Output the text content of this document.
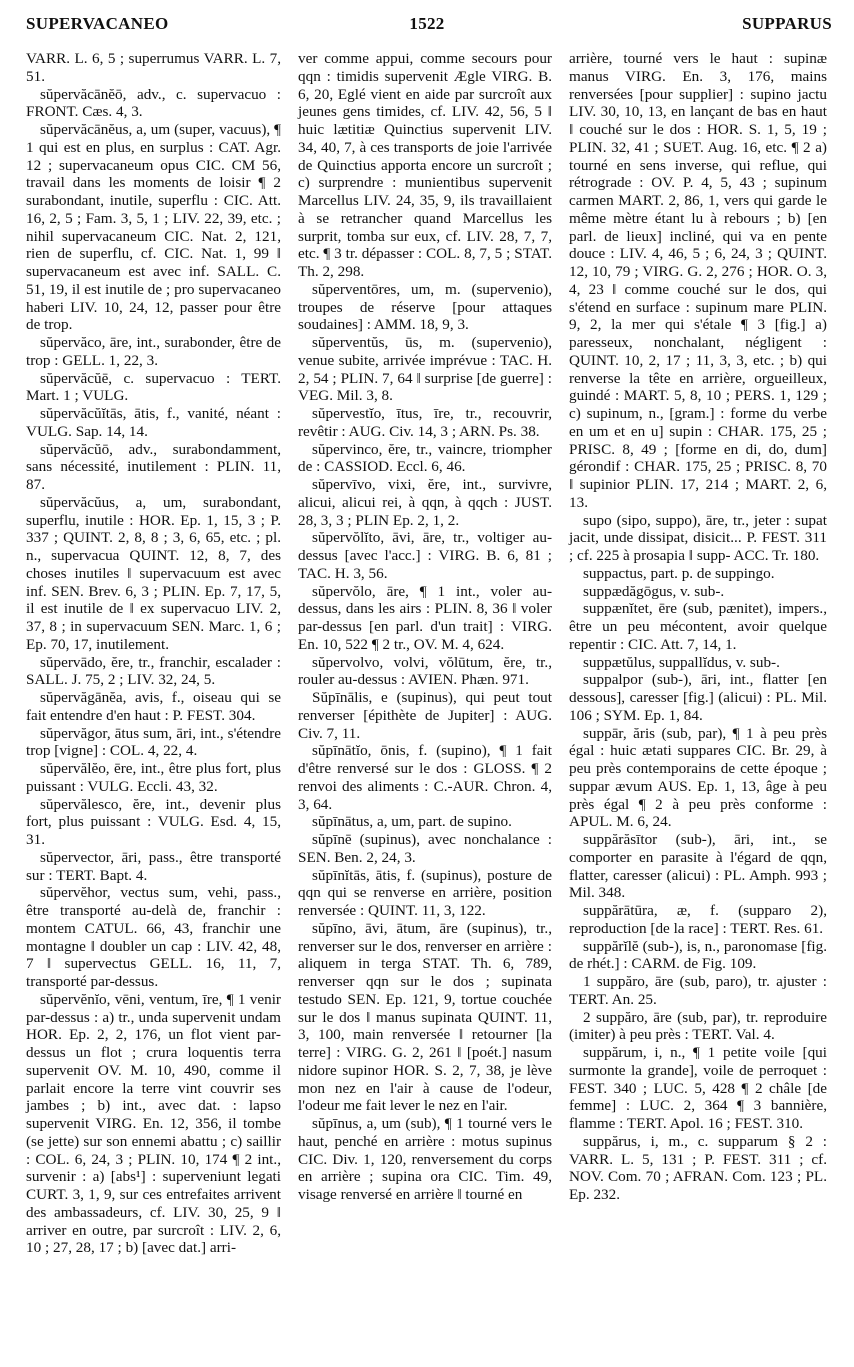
SUPERVACANEO	1522	SUPPARUS

VARR. L. 6, 5 ; superrumus VARR. L. 7, 51.

sŭpervăcānĕō, adv., c. supervacuo : FRONT. Cæs. 4, 3.

sŭpervăcānĕus, a, um (super, vacuus), ¶ 1 qui est en plus, en surplus : CAT. Agr. 12 ; supervacaneum opus CIC. CM 56, travail dans les moments de loisir ¶ 2 surabondant, inutile, superflu : CIC. Att. 16, 2, 5 ; Fam. 3, 5, 1 ; LIV. 22, 39, etc. ; nihil supervacaneum CIC. Nat. 2, 121, rien de superflu, cf. CIC. Nat. 1, 99 ‖ supervacaneum est avec inf. SALL. C. 51, 19, il est inutile de ; pro supervacaneo haberi LIV. 10, 24, 12, passer pour être de trop.

sŭpervăco, āre, int., surabonder, être de trop : GELL. 1, 22, 3.

sŭpervăcŭē, c. supervacuo : TERT. Mart. 1 ; VULG.

sŭpervăcŭĭtās, ātis, f., vanité, néant : VULG. Sap. 14, 14.

sŭpervăcŭō, adv., surabondamment, sans nécessité, inutilement : PLIN. 11, 87.

sŭpervăcŭus, a, um, surabondant, superflu, inutile : HOR. Ep. 1, 15, 3 ; P. 337 ; QUINT. 2, 8, 8 ; 3, 6, 65, etc. ; pl. n., supervacua QUINT. 12, 8, 7, des choses inutiles ‖ supervacuum est avec inf. SEN. Brev. 6, 3 ; PLIN. Ep. 7, 17, 5, il est inutile de ‖ ex supervacuo LIV. 2, 37, 8 ; in supervacuum SEN. Marc. 1, 6 ; Ep. 70, 17, inutilement.

sŭpervādo, ĕre, tr., franchir, escalader : SALL. J. 75, 2 ; LIV. 32, 24, 5.

sŭpervăgānĕa, avis, f., oiseau qui se fait entendre d'en haut : P. FEST. 304.

sŭpervăgor, ātus sum, āri, int., s'étendre trop [vigne] : COL. 4, 22, 4.

sŭpervălĕo, ēre, int., être plus fort, plus puissant : VULG. Eccli. 43, 32.

sŭpervălesco, ĕre, int., devenir plus fort, plus puissant : VULG. Esd. 4, 15, 31.

sŭpervector, āri, pass., être transporté sur : TERT. Bapt. 4.

sŭpervĕhor, vectus sum, vehi, pass., être transporté au-delà de, franchir : montem CATUL. 66, 43, franchir une montagne ‖ doubler un cap : LIV. 42, 48, 7 ‖ supervectus GELL. 16, 11, 7, transporté par-dessus.

sŭpervĕnĭo, vēni, ventum, īre, ¶ 1 venir par-dessus : a) tr., unda supervenit undam HOR. Ep. 2, 2, 176, un flot vient par-dessus un flot ; crura loquentis terra supervenit OV. M. 10, 490, comme il parlait encore la terre vint couvrir ses jambes ; b) int., avec dat. : lapso supervenit VIRG. En. 12, 356, il tombe (se jette) sur son ennemi abattu ; c) saillir : COL. 6, 24, 3 ; PLIN. 10, 174 ¶ 2 int., survenir : a) [abs¹] : superveniunt legati CURT. 3, 1, 9, sur ces entrefaites arrivent des ambassadeurs, cf. LIV. 30, 25, 9 ‖ arriver en outre, par surcroît : LIV. 2, 6, 10 ; 27, 28, 17 ; b) [avec dat.] arri-

ver comme appui, comme secours pour qqn : timidis supervenit Ægle VIRG. B. 6, 20, Eglé vient en aide par surcroît aux jeunes gens timides, cf. LIV. 42, 56, 5 ‖ huic lætitiæ Quinctius supervenit LIV. 34, 40, 7, à ces transports de joie l'arrivée de Quinctius apporta encore un surcroît ; c) surprendre : munientibus supervenit Marcellus LIV. 24, 35, 9, ils travaillaient à se retrancher quand Marcellus les surprit, tomba sur eux, cf. LIV. 28, 7, 7, etc. ¶ 3 tr. dépasser : COL. 8, 7, 5 ; STAT. Th. 2, 298.

sŭperventōres, um, m. (supervenio), troupes de réserve [pour attaques soudaines] : AMM. 18, 9, 3.

sŭperventŭs, ūs, m. (supervenio), venue subite, arrivée imprévue : TAC. H. 2, 54 ; PLIN. 7, 64 ‖ surprise [de guerre] : VEG. Mil. 3, 8.

sŭpervestĭo, ītus, īre, tr., recouvrir, revêtir : AUG. Civ. 14, 3 ; ARN. Ps. 38.

sŭpervinco, ĕre, tr., vaincre, triompher de : CASSIOD. Eccl. 6, 46.

sŭpervīvo, vixi, ĕre, int., survivre, alicui, alicui rei, à qqn, à qqch : JUST. 28, 3, 3 ; PLIN Ep. 2, 1, 2.

sŭpervŏlĭto, āvi, āre, tr., voltiger au-dessus [avec l'acc.] : VIRG. B. 6, 81 ; TAC. H. 3, 56.

sŭpervŏlo, āre, ¶ 1 int., voler au-dessus, dans les airs : PLIN. 8, 36 ‖ voler par-dessus [en parl. d'un trait] : VIRG. En. 10, 522 ¶ 2 tr., OV. M. 4, 624.

sŭpervolvo, volvi, vŏlūtum, ĕre, tr., rouler au-dessus : AVIEN. Phæn. 971.

Sŭpīnālis, e (supinus), qui peut tout renverser [épithète de Jupiter] : AUG. Civ. 7, 11.

sŭpīnātĭo, ōnis, f. (supino), ¶ 1 fait d'être renversé sur le dos : GLOSS. ¶ 2 renvoi des aliments : C.-AUR. Chron. 4, 3, 64.

sŭpīnātus, a, um, part. de supino.

sŭpīnē (supinus), avec nonchalance : SEN. Ben. 2, 24, 3.

sŭpīnĭtās, ātis, f. (supinus), posture de qqn qui se renverse en arrière, position renversée : QUINT. 11, 3, 122.

sŭpīno, āvi, ātum, āre (supinus), tr., renverser sur le dos, renverser en arrière : aliquem in terga STAT. Th. 6, 789, renverser qqn sur le dos ; supinata testudo SEN. Ep. 121, 9, tortue couchée sur le dos ‖ manus supinata QUINT. 11, 3, 100, main renversée ‖ retourner [la terre] : VIRG. G. 2, 261 ‖ [poét.] nasum nidore supinor HOR. S. 2, 7, 38, je lève mon nez en l'air à cause de l'odeur, l'odeur me fait lever le nez en l'air.

sŭpīnus, a, um (sub), ¶ 1 tourné vers le haut, penché en arrière : motus supinus CIC. Div. 1, 120, renversement du corps en arrière ; supina ora CIC. Tim. 49, visage renversé en arrière ‖ tourné en

arrière, tourné vers le haut : supinæ manus VIRG. En. 3, 176, mains renversées [pour supplier] : supino jactu LIV. 30, 10, 13, en lançant de bas en haut ‖ couché sur le dos : HOR. S. 1, 5, 19 ; PLIN. 32, 41 ; SUET. Aug. 16, etc. ¶ 2 a) tourné en sens inverse, qui reflue, qui rétrograde : OV. P. 4, 5, 43 ; supinum carmen MART. 2, 86, 1, vers qui garde le même mètre étant lu à rebours ; b) [en parl. de lieux] incliné, qui va en pente douce : LIV. 4, 46, 5 ; 6, 24, 3 ; QUINT. 12, 10, 79 ; VIRG. G. 2, 276 ; HOR. O. 3, 4, 23 ‖ comme couché sur le dos, qui s'étend en surface : supinum mare PLIN. 9, 2, la mer qui s'étale ¶ 3 [fig.] a) paresseux, nonchalant, négligent : QUINT. 10, 2, 17 ; 11, 3, 3, etc. ; b) qui renverse la tête en arrière, orgueilleux, guindé : MART. 5, 8, 10 ; PERS. 1, 129 ; c) supinum, n., [gram.] : forme du verbe en um et en u] supin : CHAR. 175, 25 ; PRISC. 8, 49 ; [forme en di, do, dum] gérondif : CHAR. 175, 25 ; PRISC. 8, 70 ‖ supinior PLIN. 17, 214 ; MART. 2, 6, 13.

supo (sipo, suppo), āre, tr., jeter : supat jacit, unde dissipat, disicit... P. FEST. 311 ; cf. 225 à prosapia ‖ supp- ACC. Tr. 180.

suppactus, part. p. de suppingo.

suppædăgōgus, v. sub-.

suppænĭtet, ēre (sub, pænitet), impers., être un peu mécontent, avoir quelque repentir : CIC. Att. 7, 14, 1.

suppætŭlus, suppallĭdus, v. sub-.

suppalpor (sub-), āri, int., flatter [en dessous], caresser [fig.] (alicui) : PL. Mil. 106 ; SYM. Ep. 1, 84.

suppār, ăris (sub, par), ¶ 1 à peu près égal : huic ætati suppares CIC. Br. 29, à peu près contemporains de cette époque ; suppar ævum AUS. Ep. 1, 13, âge à peu près égal ¶ 2 à peu près conforme : APUL. M. 6, 24.

suppărăsītor (sub-), āri, int., se comporter en parasite à l'égard de qqn, flatter, caresser (alicui) : PL. Amph. 993 ; Mil. 348.

suppărātūra, æ, f. (supparo 2), reproduction [de la race] : TERT. Res. 61.

suppărĭlĕ (sub-), is, n., paronomase [fig. de rhét.] : CARM. de Fig. 109.

1 suppăro, āre (sub, paro), tr. ajuster : TERT. An. 25.

2 suppăro, āre (sub, par), tr. reproduire (imiter) à peu près : TERT. Val. 4.

suppărum, i, n., ¶ 1 petite voile [qui surmonte la grande], voile de perroquet : FEST. 340 ; LUC. 5, 428 ¶ 2 châle [de femme] : LUC. 2, 364 ¶ 3 bannière, flamme : TERT. Apol. 16 ; FEST. 310.

suppărus, i, m., c. supparum § 2 : VARR. L. 5, 131 ; P. FEST. 311 ; cf. NOV. Com. 70 ; AFRAN. Com. 123 ; PL. Ep. 232.
